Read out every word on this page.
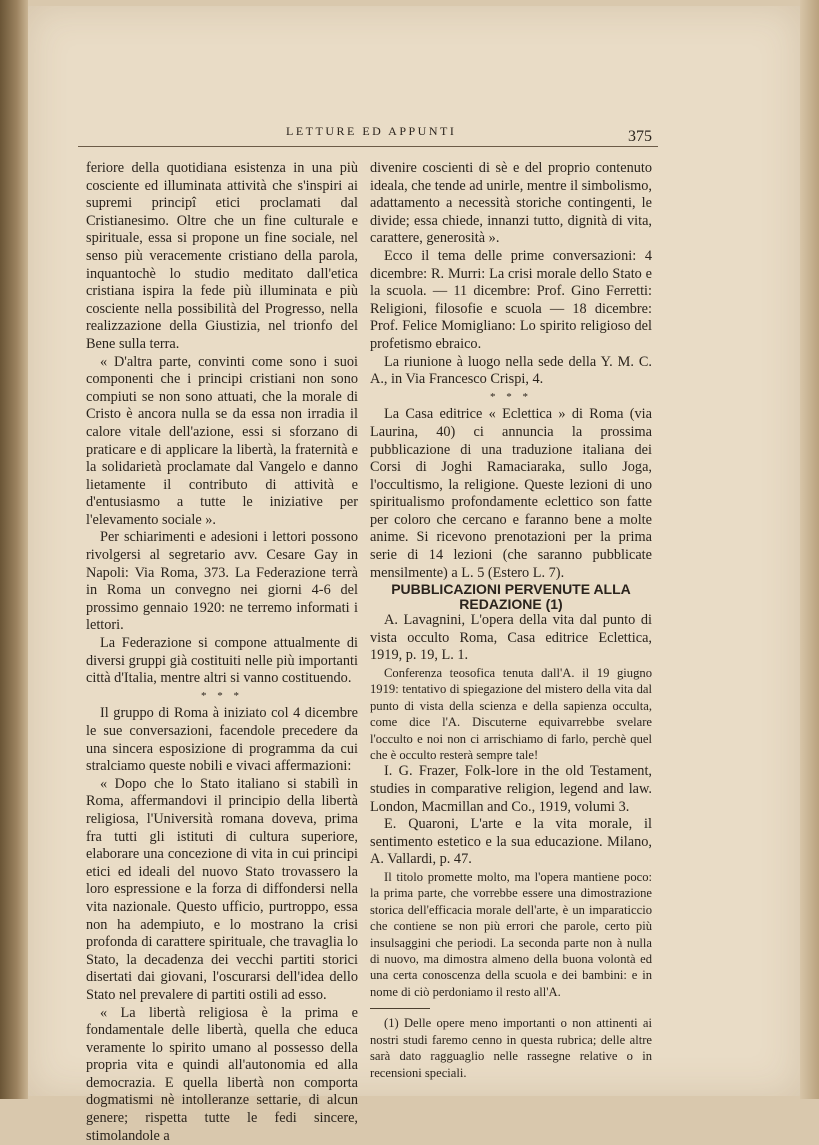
LETTURE ED APPUNTI	375

feriore della quotidiana esistenza in una più cosciente ed illuminata attività che s'inspiri ai supremi principî etici proclamati dal Cristianesimo. Oltre che un fine culturale e spirituale, essa si propone un fine sociale, nel senso più veracemente cristiano della parola, inquantochè lo studio meditato dall'etica cristiana ispira la fede più illuminata e più cosciente nella possibilità del Progresso, nella realizzazione della Giustizia, nel trionfo del Bene sulla terra.

« D'altra parte, convinti come sono i suoi componenti che i principi cristiani non sono compiuti se non sono attuati, che la morale di Cristo è ancora nulla se da essa non irradia il calore vitale dell'azione, essi si sforzano di praticare e di applicare la libertà, la fraternità e la solidarietà proclamate dal Vangelo e danno lietamente il contributo di attività e d'entusiasmo a tutte le iniziative per l'elevamento sociale ».

Per schiarimenti e adesioni i lettori possono rivolgersi al segretario avv. Cesare Gay in Napoli: Via Roma, 373. La Federazione terrà in Roma un convegno nei giorni 4-6 del prossimo gennaio 1920: ne terremo informati i lettori.

La Federazione si compone attualmente di diversi gruppi già costituiti nelle più importanti città d'Italia, mentre altri si vanno costituendo.

* * *

Il gruppo di Roma à iniziato col 4 dicembre le sue conversazioni, facendole precedere da una sincera esposizione di programma da cui stralciamo queste nobili e vivaci affermazioni:

« Dopo che lo Stato italiano si stabilì in Roma, affermandovi il principio della libertà religiosa, l'Università romana doveva, prima fra tutti gli istituti di cultura superiore, elaborare una concezione di vita in cui principi etici ed ideali del nuovo Stato trovassero la loro espressione e la forza di diffondersi nella vita nazionale. Questo ufficio, purtroppo, essa non ha adempiuto, e lo mostrano la crisi profonda di carattere spirituale, che travaglia lo Stato, la decadenza dei vecchi partiti storici disertati dai giovani, l'oscurarsi dell'idea dello Stato nel prevalere di partiti ostili ad esso.

« La libertà religiosa è la prima e fondamentale delle libertà, quella che educa veramente lo spirito umano al possesso della propria vita e quindi all'autonomia ed alla democrazia. E quella libertà non comporta dogmatismi nè intolleranze settarie, di alcun genere; rispetta tutte le fedi sincere, stimolandole a

divenire coscienti di sè e del proprio contenuto ideala, che tende ad unirle, mentre il simbolismo, adattamento a necessità storiche contingenti, le divide; essa chiede, innanzi tutto, dignità di vita, carattere, generosità ».

Ecco il tema delle prime conversazioni: 4 dicembre: R. Murri: La crisi morale dello Stato e la scuola. — 11 dicembre: Prof. Gino Ferretti: Religioni, filosofie e scuola — 18 dicembre: Prof. Felice Momigliano: Lo spirito religioso del profetismo ebraico.

La riunione à luogo nella sede della Y. M. C. A., in Via Francesco Crispi, 4.

* * *

La Casa editrice « Eclettica » di Roma (via Laurina, 40) ci annuncia la prossima pubblicazione di una traduzione italiana dei Corsi di Joghi Ramaciaraka, sullo Joga, l'occultismo, la religione. Queste lezioni di uno spiritualismo profondamente eclettico son fatte per coloro che cercano e faranno bene a molte anime. Si ricevono prenotazioni per la prima serie di 14 lezioni (che saranno pubblicate mensilmente) a L. 5 (Estero L. 7).

PUBBLICAZIONI PERVENUTE ALLA REDAZIONE (1)

A. Lavagnini, L'opera della vita dal punto di vista occulto Roma, Casa editrice Eclettica, 1919, p. 19, L. 1.

Conferenza teosofica tenuta dall'A. il 19 giugno 1919: tentativo di spiegazione del mistero della vita dal punto di vista della scienza e della sapienza occulta, come dice l'A. Discuterne equivarrebbe svelare l'occulto e noi non ci arrischiamo di farlo, perchè quel che è occulto resterà sempre tale!

I. G. Frazer, Folk-lore in the old Testament, studies in comparative religion, legend and law. London, Macmillan and Co., 1919, volumi 3.

E. Quaroni, L'arte e la vita morale, il sentimento estetico e la sua educazione. Milano, A. Vallardi, p. 47.

Il titolo promette molto, ma l'opera mantiene poco: la prima parte, che vorrebbe essere una dimostrazione storica dell'efficacia morale dell'arte, è un imparaticcio che contiene se non più errori che parole, certo più insulsaggini che periodi. La seconda parte non à nulla di nuovo, ma dimostra almeno della buona volontà ed una certa conoscenza della scuola e dei bambini: e in nome di ciò perdoniamo il resto all'A.

(1) Delle opere meno importanti o non attinenti ai nostri studi faremo cenno in questa rubrica; delle altre sarà dato ragguaglio nelle rassegne relative o in recensioni speciali.
